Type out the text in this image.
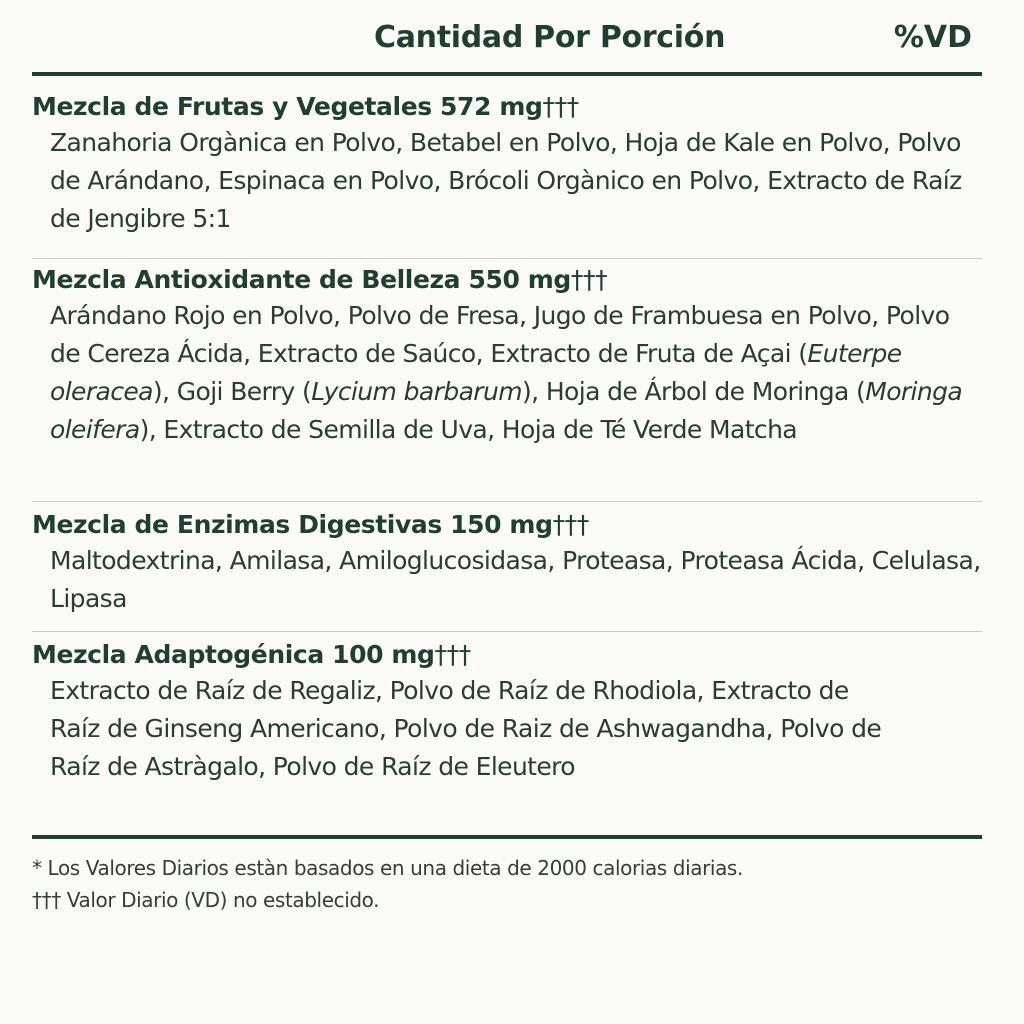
Cantidad Por Porción	%VD
Mezcla de Frutas y Vegetales 572 mg†††
Zanahoria Orgànica en Polvo, Betabel en Polvo, Hoja de Kale en Polvo, Polvo de Arándano, Espinaca en Polvo, Brócoli Orgànico en Polvo, Extracto de Raíz de Jengibre 5:1
Mezcla Antioxidante de Belleza 550 mg†††
Arándano Rojo en Polvo, Polvo de Fresa, Jugo de Frambuesa en Polvo, Polvo de Cereza Ácida, Extracto de Saúco, Extracto de Fruta de Açai (Euterpe oleracea), Goji Berry (Lycium barbarum), Hoja de Árbol de Moringa (Moringa oleifera), Extracto de Semilla de Uva, Hoja de Té Verde Matcha
Mezcla de Enzimas Digestivas 150 mg†††
Maltodextrina, Amilasa, Amiloglucosidasa, Proteasa, Proteasa Ácida, Celulasa, Lipasa
Mezcla Adaptogénica 100 mg†††
Extracto de Raíz de Regaliz, Polvo de Raíz de Rhodiola, Extracto de Raíz de Ginseng Americano, Polvo de Raiz de Ashwagandha, Polvo de Raíz de Astràgalo, Polvo de Raíz de Eleutero
* Los Valores Diarios estàn basados en una dieta de 2000 calorias diarias.
††† Valor Diario (VD) no establecido.
